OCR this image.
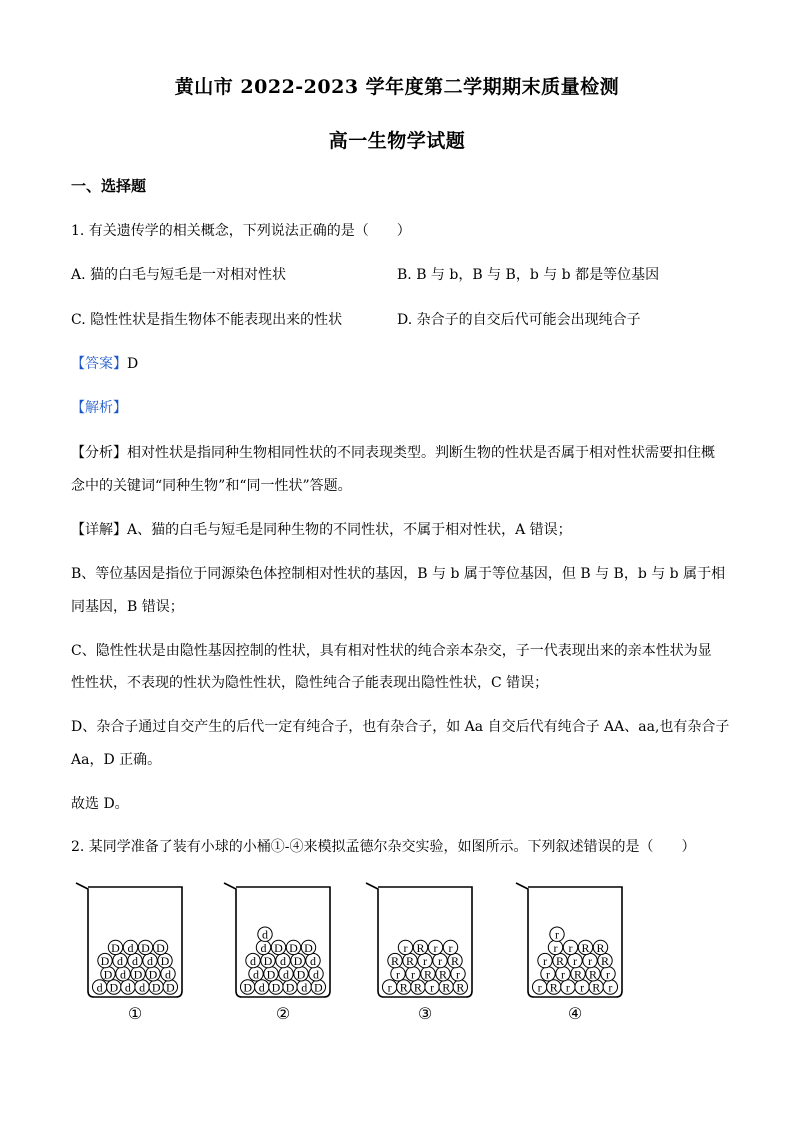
黄山市 2022-2023 学年度第二学期期末质量检测
高一生物学试题
一、选择题
1. 有关遗传学的相关概念，下列说法正确的是（　　）
A. 猫的白毛与短毛是一对相对性状	B. B 与 b，B 与 B，b 与 b 都是等位基因
C. 隐性性状是指生物体不能表现出来的性状	D. 杂合子的自交后代可能会出现纯合子
【答案】D
【解析】
【分析】相对性状是指同种生物相同性状的不同表现类型。判断生物的性状是否属于相对性状需要扣住概
念中的关键词“同种生物”和“同一性状”答题。
【详解】A、猫的白毛与短毛是同种生物的不同性状，不属于相对性状，A 错误；
B、等位基因是指位于同源染色体控制相对性状的基因，B 与 b 属于等位基因，但 B 与 B，b 与 b 属于相
同基因，B 错误；
C、隐性性状是由隐性基因控制的性状，具有相对性状的纯合亲本杂交，子一代表现出来的亲本性状为显
性性状，不表现的性状为隐性性状，隐性纯合子能表现出隐性性状，C 错误；
D、杂合子通过自交产生的后代一定有纯合子，也有杂合子，如 Aa 自交后代有纯合子 AA、aa,也有杂合子
Aa，D 正确。
故选 D。
2. 某同学准备了装有小球的小桶①-④来模拟孟德尔杂交实验，如图所示。下列叙述错误的是（　　）
d D d d D D
D d D D d
D d d d D
D d D D
①
D d D D d D
d D d D d
d D d D d
d D D D
d
②
r R R r R R
r r R R r
R R r r R
r R r r
③
r R r r R r
r r R R r
r R r r R
r r R R
r
④
